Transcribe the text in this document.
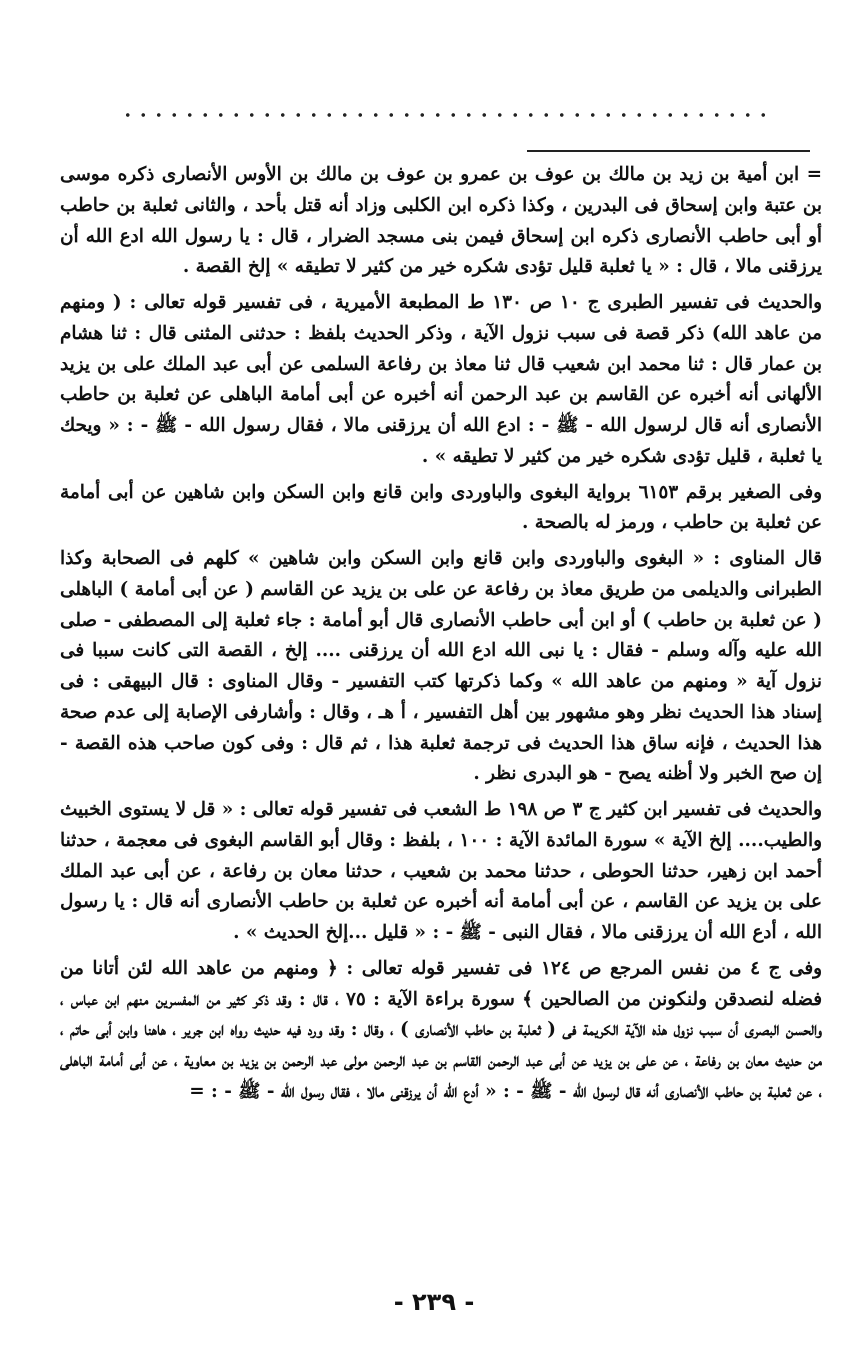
= ابن أمية بن زيد بن مالك بن عوف بن عمرو بن عوف بن مالك بن الأوس الأنصارى ذكره موسى بن عتبة وابن إسحاق فى البدرين ، وكذا ذكره ابن الكلبى وزاد أنه قتل بأحد ، والثانى ثعلبة بن حاطب أو أبى حاطب الأنصارى ذكره ابن إسحاق فيمن بنى مسجد الضرار ، قال : يا رسول الله ادع الله أن يرزقنى مالا ، قال : « يا ثعلبة قليل تؤدى شكره خير من كثير لا تطيقه » إلخ القصة .

والحديث فى تفسير الطبرى ج ١٠ ص ١٣٠ ط المطبعة الأميرية ، فى تفسير قوله تعالى : ( ومنهم من عاهد الله) ذكر قصة فى سبب نزول الآية ، وذكر الحديث بلفظ : حدثنى المثنى قال : ثنا هشام بن عمار قال : ثنا محمد ابن شعيب قال ثنا معاذ بن رفاعة السلمى عن أبى عبد الملك على بن يزيد الألهانى أنه أخبره عن القاسم بن عبد الرحمن أنه أخبره عن أبى أمامة الباهلى عن ثعلبة بن حاطب الأنصارى أنه قال لرسول الله - ﷺ - : ادع الله أن يرزقنى مالا ، فقال رسول الله - ﷺ - : « ويحك يا ثعلبة ، قليل تؤدى شكره خير من كثير لا تطيقه » .

وفى الصغير برقم ٦١٥٣ برواية البغوى والباوردى وابن قانع وابن السكن وابن شاهين عن أبى أمامة عن ثعلبة بن حاطب ، ورمز له بالصحة .

قال المناوى : « البغوى والباوردى وابن قانع وابن السكن وابن شاهين » كلهم فى الصحابة وكذا الطبرانى والديلمى من طريق معاذ بن رفاعة عن على بن يزيد عن القاسم ( عن أبى أمامة ) الباهلى ( عن ثعلبة بن حاطب ) أو ابن أبى حاطب الأنصارى قال أبو أمامة : جاء ثعلبة إلى المصطفى - صلى الله عليه وآله وسلم - فقال : يا نبى الله ادع الله أن يرزقنى .... إلخ ، القصة التى كانت سببا فى نزول آية « ومنهم من عاهد الله » وكما ذكرتها كتب التفسير - وقال المناوى : قال البيهقى : فى إسناد هذا الحديث نظر وهو مشهور بين أهل التفسير ، أ هـ ، وقال : وأشارفى الإصابة إلى عدم صحة هذا الحديث ، فإنه ساق هذا الحديث فى ترجمة ثعلبة هذا ، ثم قال : وفى كون صاحب هذه القصة - إن صح الخبر ولا أظنه يصح - هو البدرى نظر .

والحديث فى تفسير ابن كثير ج ٣ ص ١٩٨ ط الشعب فى تفسير قوله تعالى : « قل لا يستوى الخبيث والطيب.... إلخ الآية » سورة المائدة الآية : ١٠٠ ، بلفظ : وقال أبو القاسم البغوى فى معجمة ، حدثنا أحمد ابن زهير، حدثنا الحوطى ، حدثنا محمد بن شعيب ، حدثنا معان بن رفاعة ، عن أبى عبد الملك على بن يزيد عن القاسم ، عن أبى أمامة أنه أخبره عن ثعلبة بن حاطب الأنصارى أنه قال : يا رسول الله ، أدع الله أن يرزقنى مالا ، فقال النبى - ﷺ - : « قليل ...إلخ الحديث » .

وفى ج ٤ من نفس المرجع ص ١٢٤ فى تفسير قوله تعالى : ﴿ ومنهم من عاهد الله لئن أتانا من فضله لنصدقن ولنكونن من الصالحين ﴾ سورة براءة الآية : ٧٥ ، قال : وقد ذكر كثير من المفسرين منهم ابن عباس ، والحسن البصرى أن سبب نزول هذه الآية الكريمة فى ( ثعلبة بن حاطب الأنصارى ) ، وقال : وقد ورد فيه حديث رواه ابن جرير ، هاهنا وابن أبى حاتم ، من حديث معان بن رفاعة ، عن على بن يزيد عن أبى عبد الرحمن القاسم بن عبد الرحمن مولى عبد الرحمن بن يزيد بن معاوية ، عن أبى أمامة الباهلى ، عن ثعلبة بن حاطب الأنصارى أنه قال لرسول الله - ﷺ - : « أدع الله أن يرزقنى مالا ، فقال رسول الله - ﷺ - : =

- ٢٣٩ -
